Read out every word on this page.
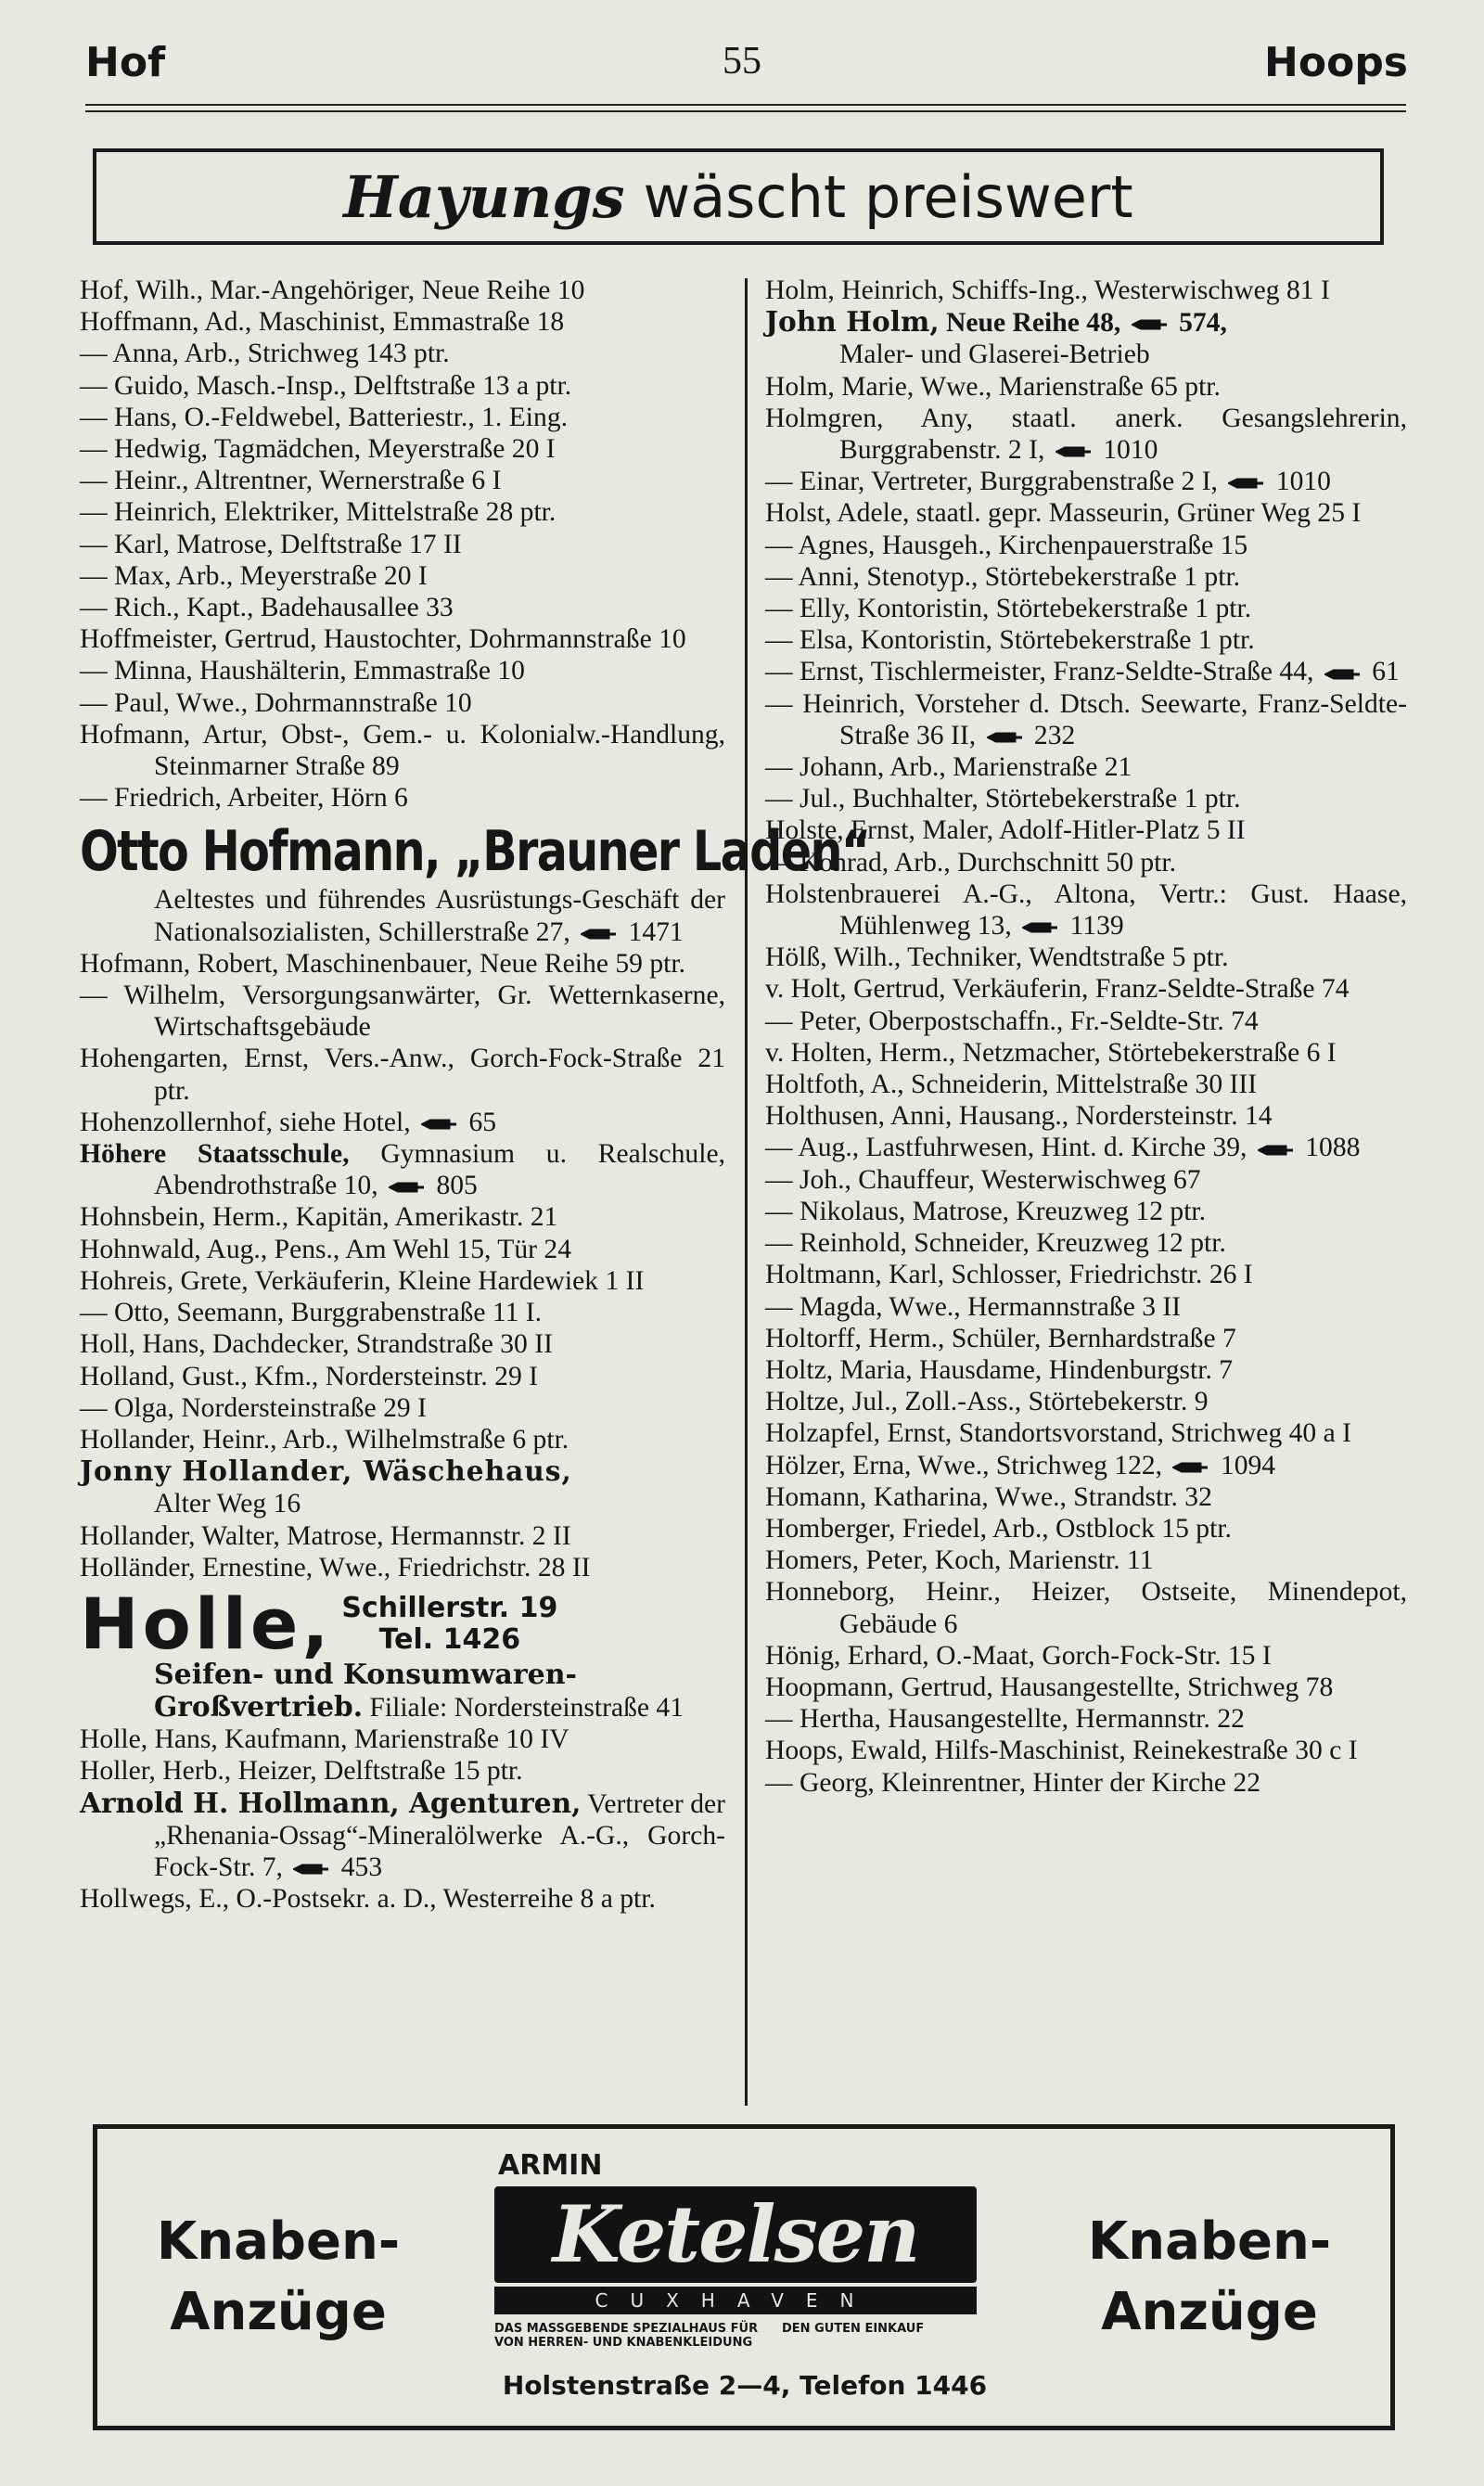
Hof	55	Hoops
Hayungs wäscht preiswert
Hof, Wilh., Mar.-Angehöriger, Neue Reihe 10
Hoffmann, Ad., Maschinist, Emmastraße 18
— Anna, Arb., Strichweg 143 ptr.
— Guido, Masch.-Insp., Delftstraße 13 a ptr.
— Hans, O.-Feldwebel, Batteriestr., 1. Eing.
— Hedwig, Tagmädchen, Meyerstraße 20 I
— Heinr., Altrentner, Wernerstraße 6 I
— Heinrich, Elektriker, Mittelstraße 28 ptr.
— Karl, Matrose, Delftstraße 17 II
— Max, Arb., Meyerstraße 20 I
— Rich., Kapt., Badehausallee 33
Hoffmeister, Gertrud, Haustochter, Dohrmannstraße 10
— Minna, Haushälterin, Emmastraße 10
— Paul, Wwe., Dohrmannstraße 10
Hofmann, Artur, Obst-, Gem.- u. Kolonialw.-Handlung, Steinmarner Straße 89
— Friedrich, Arbeiter, Hörn 6
Otto Hofmann, „Brauner Laden“
Aeltestes und führendes Ausrüstungs-Geschäft der Nationalsozialisten, Schillerstraße 27, 1471
Hofmann, Robert, Maschinenbauer, Neue Reihe 59 ptr.
— Wilhelm, Versorgungsanwärter, Gr. Wetternkaserne, Wirtschaftsgebäude
Hohengarten, Ernst, Vers.-Anw., Gorch-Fock-Straße 21 ptr.
Hohenzollernhof, siehe Hotel, 65
Höhere Staatsschule, Gymnasium u. Realschule, Abendrothstraße 10, 805
Hohnsbein, Herm., Kapitän, Amerikastr. 21
Hohnwald, Aug., Pens., Am Wehl 15, Tür 24
Hohreis, Grete, Verkäuferin, Kleine Hardewiek 1 II
— Otto, Seemann, Burggrabenstraße 11 I.
Holl, Hans, Dachdecker, Strandstraße 30 II
Holland, Gust., Kfm., Nordersteinstr. 29 I
— Olga, Nordersteinstraße 29 I
Hollander, Heinr., Arb., Wilhelmstraße 6 ptr.
Jonny Hollander, Wäschehaus,
Alter Weg 16
Hollander, Walter, Matrose, Hermannstr. 2 II
Holländer, Ernestine, Wwe., Friedrichstr. 28 II
Holle, Schillerstr. 19
Tel. 1426
Seifen- und Konsumwaren-
Großvertrieb. Filiale: Nordersteinstraße 41
Holle, Hans, Kaufmann, Marienstraße 10 IV
Holler, Herb., Heizer, Delftstraße 15 ptr.
Arnold H. Hollmann, Agenturen, Vertreter der „Rhenania-Ossag“-Mineralölwerke A.-G., Gorch-Fock-Str. 7, 453
Hollwegs, E., O.-Postsekr. a. D., Westerreihe 8 a ptr.
Holm, Heinrich, Schiffs-Ing., Westerwischweg 81 I
John Holm, Neue Reihe 48, 574,
Maler- und Glaserei-Betrieb
Holm, Marie, Wwe., Marienstraße 65 ptr.
Holmgren, Any, staatl. anerk. Gesangslehrerin, Burggrabenstr. 2 I, 1010
— Einar, Vertreter, Burggrabenstraße 2 I, 1010
Holst, Adele, staatl. gepr. Masseurin, Grüner Weg 25 I
— Agnes, Hausgeh., Kirchenpauerstraße 15
— Anni, Stenotyp., Störtebekerstraße 1 ptr.
— Elly, Kontoristin, Störtebekerstraße 1 ptr.
— Elsa, Kontoristin, Störtebekerstraße 1 ptr.
— Ernst, Tischlermeister, Franz-Seldte-Straße 44, 61
— Heinrich, Vorsteher d. Dtsch. Seewarte, Franz-Seldte-Straße 36 II, 232
— Johann, Arb., Marienstraße 21
— Jul., Buchhalter, Störtebekerstraße 1 ptr.
Holste, Ernst, Maler, Adolf-Hitler-Platz 5 II
— Konrad, Arb., Durchschnitt 50 ptr.
Holstenbrauerei A.-G., Altona, Vertr.: Gust. Haase, Mühlenweg 13, 1139
Hölß, Wilh., Techniker, Wendtstraße 5 ptr.
v. Holt, Gertrud, Verkäuferin, Franz-Seldte-Straße 74
— Peter, Oberpostschaffn., Fr.-Seldte-Str. 74
v. Holten, Herm., Netzmacher, Störtebekerstraße 6 I
Holtfoth, A., Schneiderin, Mittelstraße 30 III
Holthusen, Anni, Hausang., Nordersteinstr. 14
— Aug., Lastfuhrwesen, Hint. d. Kirche 39, 1088
— Joh., Chauffeur, Westerwischweg 67
— Nikolaus, Matrose, Kreuzweg 12 ptr.
— Reinhold, Schneider, Kreuzweg 12 ptr.
Holtmann, Karl, Schlosser, Friedrichstr. 26 I
— Magda, Wwe., Hermannstraße 3 II
Holtorff, Herm., Schüler, Bernhardstraße 7
Holtz, Maria, Hausdame, Hindenburgstr. 7
Holtze, Jul., Zoll.-Ass., Störtebekerstr. 9
Holzapfel, Ernst, Standortsvorstand, Strichweg 40 a I
Hölzer, Erna, Wwe., Strichweg 122, 1094
Homann, Katharina, Wwe., Strandstr. 32
Homberger, Friedel, Arb., Ostblock 15 ptr.
Homers, Peter, Koch, Marienstr. 11
Honneborg, Heinr., Heizer, Ostseite, Minendepot, Gebäude 6
Hönig, Erhard, O.-Maat, Gorch-Fock-Str. 15 I
Hoopmann, Gertrud, Hausangestellte, Strichweg 78
— Hertha, Hausangestellte, Hermannstr. 22
Hoops, Ewald, Hilfs-Maschinist, Reinekestraße 30 c I
— Georg, Kleinrentner, Hinter der Kirche 22
Knaben-Anzüge
ARMIN
Ketelsen
CUXHAVEN
DAS MASSGEBENDE SPEZIALHAUS FÜR VON HERREN- UND KNABENKLEIDUNG
DEN GUTEN EINKAUF
Holstenstraße 2—4, Telefon 1446
Knaben-Anzüge
